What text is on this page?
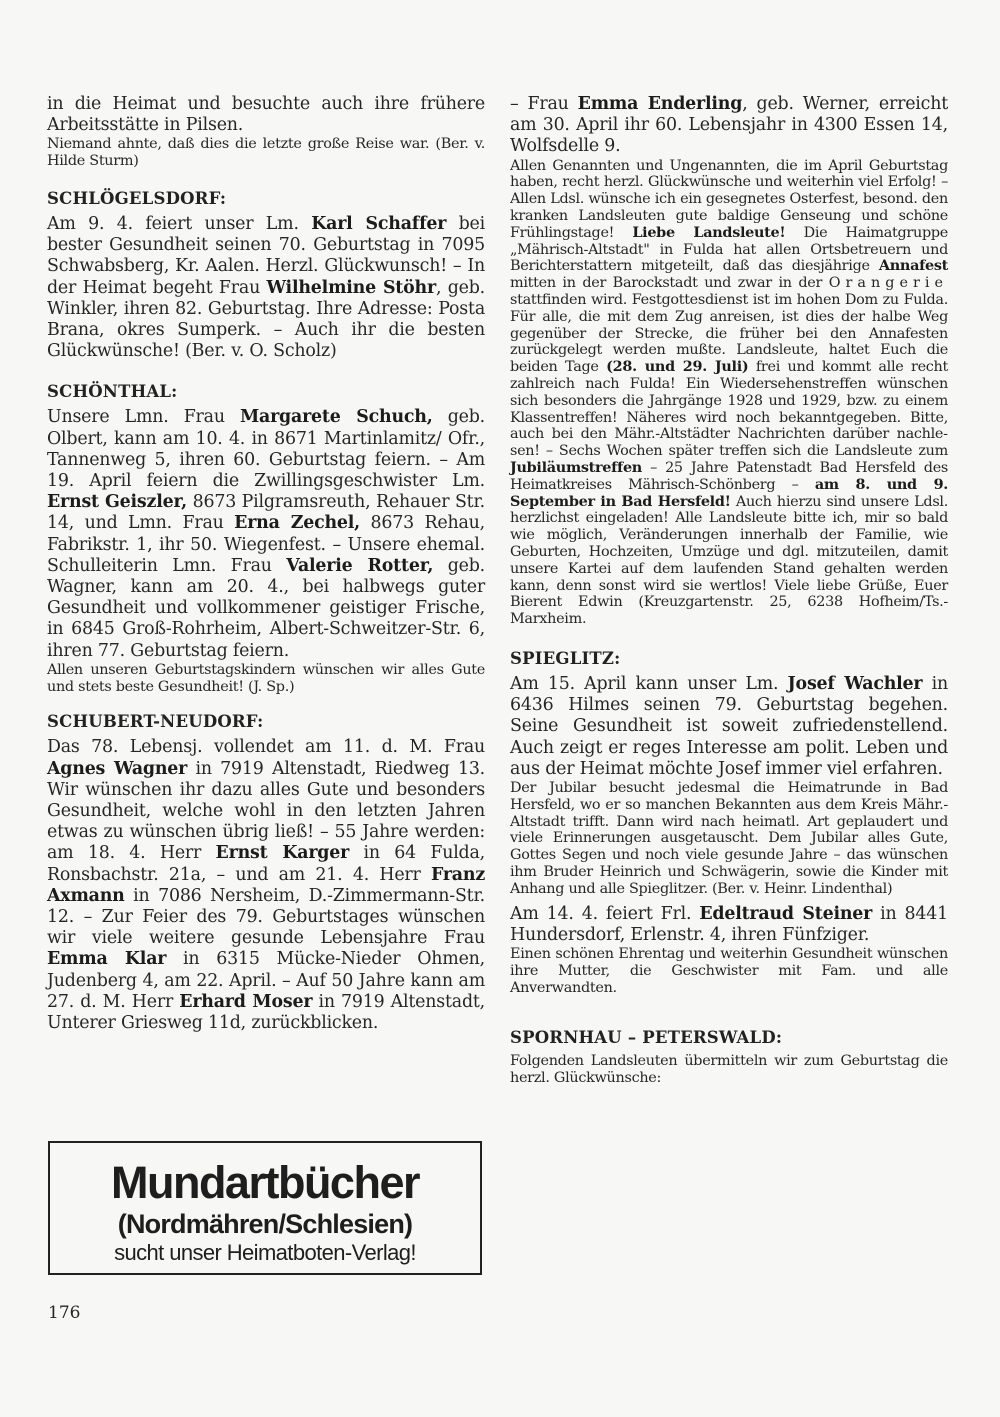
in die Heimat und besuchte auch ihre frühere Arbeitsstätte in Pilsen.

Niemand ahnte, daß dies die letzte große Reise war. (Ber. v. Hilde Sturm)

SCHLÖGELSDORF:

Am 9. 4. feiert unser Lm. Karl Schaffer bei bester Gesundheit seinen 70. Geburtstag in 7095 Schwabsberg, Kr. Aalen. Herzl. Glückwunsch! – In der Heimat begeht Frau Wilhelmine Stöhr, geb. Winkler, ihren 82. Geburtstag. Ihre Adresse: Posta Brana, okres Sumperk. – Auch ihr die besten Glückwünsche! (Ber. v. O. Scholz)

SCHÖNTHAL:

Unsere Lmn. Frau Margarete Schuch, geb. Olbert, kann am 10. 4. in 8671 Martinlamitz/ Ofr., Tannenweg 5, ihren 60. Geburtstag feiern. – Am 19. April feiern die Zwillingsgeschwister Lm. Ernst Geiszler, 8673 Pilgramsreuth, Rehauer Str. 14, und Lmn. Frau Erna Zechel, 8673 Rehau, Fabrikstr. 1, ihr 50. Wiegenfest. – Unsere ehemal. Schulleiterin Lmn. Frau Valerie Rotter, geb. Wagner, kann am 20. 4., bei halbwegs guter Gesundheit und vollkommener geistiger Frische, in 6845 Groß-Rohrheim, Albert-Schweitzer-Str. 6, ihren 77. Geburtstag feiern.

Allen unseren Geburtstagskindern wünschen wir alles Gute und stets beste Gesundheit! (J. Sp.)

SCHUBERT-NEUDORF:

Das 78. Lebensj. vollendet am 11. d. M. Frau Agnes Wagner in 7919 Altenstadt, Riedweg 13. Wir wünschen ihr dazu alles Gute und besonders Gesundheit, welche wohl in den letzten Jahren etwas zu wünschen übrig ließ! – 55 Jahre werden: am 18. 4. Herr Ernst Karger in 64 Fulda, Ronsbachstr. 21a, – und am 21. 4. Herr Franz Axmann in 7086 Nersheim, D.-Zimmermann-Str. 12. – Zur Feier des 79. Geburtstages wünschen wir viele weitere gesunde Lebensjahre Frau Emma Klar in 6315 Mücke-Nieder Ohmen, Judenberg 4, am 22. April. – Auf 50 Jahre kann am 27. d. M. Herr Erhard Moser in 7919 Altenstadt, Unterer Griesweg 11d, zurückblicken.

Mundartbücher
(Nordmähren/Schlesien)
sucht unser Heimatboten-Verlag!
176

– Frau Emma Enderling, geb. Werner, erreicht am 30. April ihr 60. Lebensjahr in 4300 Essen 14, Wolfsdelle 9.

Allen Genannten und Ungenannten, die im April Geburtstag haben, recht herzl. Glückwünsche und weiterhin viel Erfolg! – Allen Ldsl. wünsche ich ein gesegnetes Osterfest, besond. den kranken Landsleuten gute baldige Genseung und schöne Frühlingstage! Liebe Landsleute! Die Haimatgruppe „Mährisch-Altstadt" in Fulda hat allen Ortsbetreuern und Berichterstattern mitgeteilt, daß das diesjährige Annafest mitten in der Barockstadt und zwar in der Orangerie stattfinden wird. Festgottesdienst ist im hohen Dom zu Fulda. Für alle, die mit dem Zug anreisen, ist dies der halbe Weg gegenüber der Strecke, die früher bei den Annafesten zurückgelegt werden mußte. Landsleute, haltet Euch die beiden Tage (28. und 29. Juli) frei und kommt alle recht zahlreich nach Fulda! Ein Wiedersehenstreffen wünschen sich besonders die Jahrgänge 1928 und 1929, bzw. zu einem Klassentreffen! Näheres wird noch bekanntgegeben. Bitte, auch bei den Mähr.-Altstädter Nachrichten darüber nachlesen! – Sechs Wochen später treffen sich die Landsleute zum Jubiläumstreffen – 25 Jahre Patenstadt Bad Hersfeld des Heimatkreises Mährisch-Schönberg – am 8. und 9. September in Bad Hersfeld! Auch hierzu sind unsere Ldsl. herzlichst eingeladen! Alle Landsleute bitte ich, mir so bald wie möglich, Veränderungen innerhalb der Familie, wie Geburten, Hochzeiten, Umzüge und dgl. mitzuteilen, damit unsere Kartei auf dem laufenden Stand gehalten werden kann, denn sonst wird sie wertlos! Viele liebe Grüße, Euer Bierent Edwin (Kreuzgartenstr. 25, 6238 Hofheim/Ts.-Marxheim.

SPIEGLITZ:

Am 15. April kann unser Lm. Josef Wachler in 6436 Hilmes seinen 79. Geburtstag begehen. Seine Gesundheit ist soweit zufriedenstellend. Auch zeigt er reges Interesse am polit. Leben und aus der Heimat möchte Josef immer viel erfahren.

Der Jubilar besucht jedesmal die Heimatrunde in Bad Hersfeld, wo er so manchen Bekannten aus dem Kreis Mähr.-Altstadt trifft. Dann wird nach heimatl. Art geplaudert und viele Erinnerungen ausgetauscht. Dem Jubilar alles Gute, Gottes Segen und noch viele gesunde Jahre – das wünschen ihm Bruder Heinrich und Schwägerin, sowie die Kinder mit Anhang und alle Spieglitzer. (Ber. v. Heinr. Lindenthal)

Am 14. 4. feiert Frl. Edeltraud Steiner in 8441 Hundersdorf, Erlenstr. 4, ihren Fünfziger.

Einen schönen Ehrentag und weiterhin Gesundheit wünschen ihre Mutter, die Geschwister mit Fam. und alle Anverwandten.

SPORNHAU – PETERSWALD:

Folgenden Landsleuten übermitteln wir zum Geburtstag die herzl. Glückwünsche:
